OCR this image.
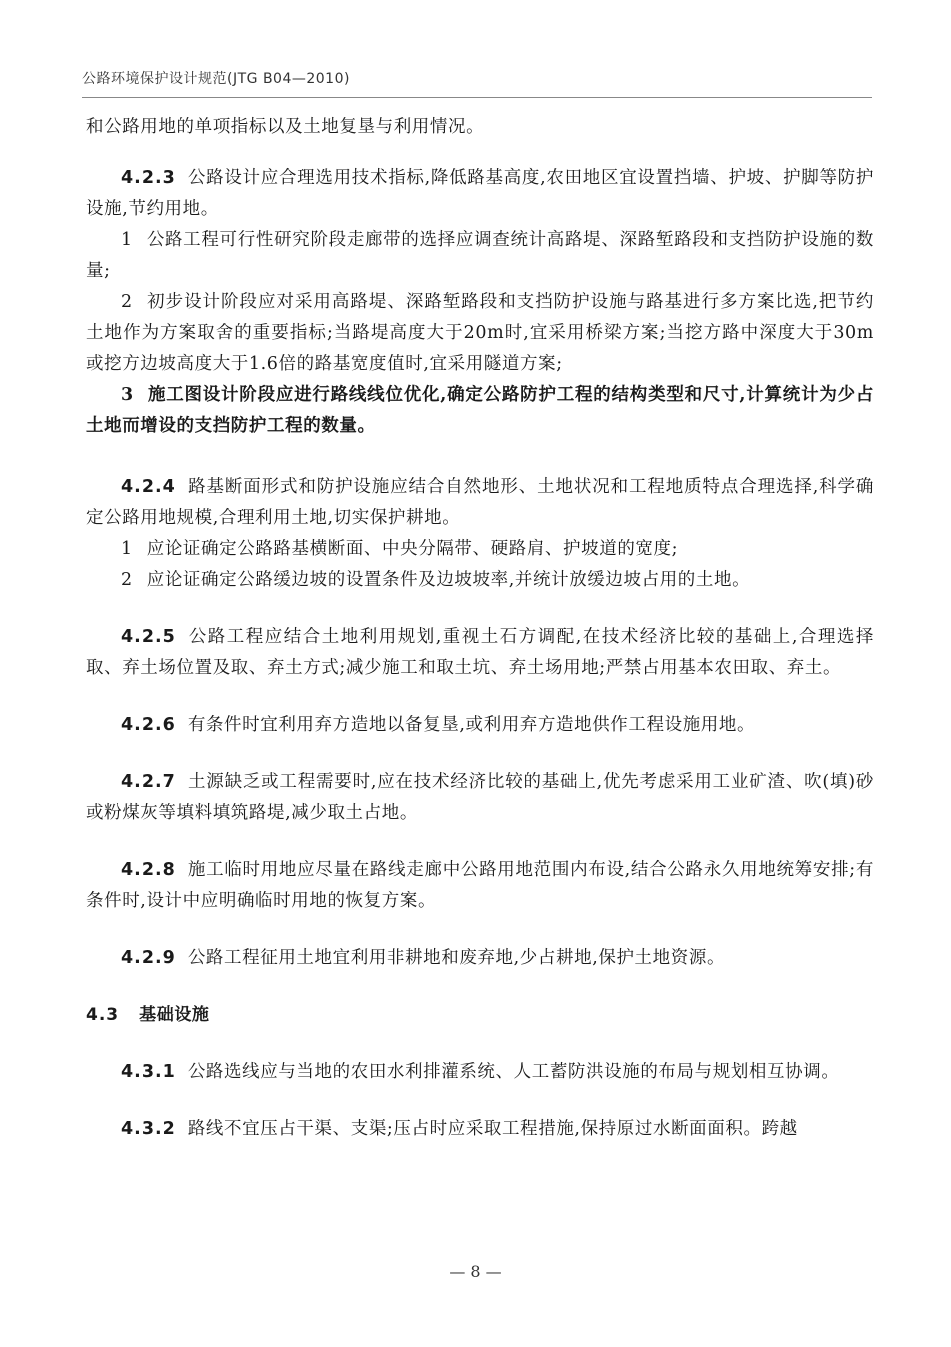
公路环境保护设计规范(JTG B04—2010)

和公路用地的单项指标以及土地复垦与利用情况。

4.2.3 公路设计应合理选用技术指标,降低路基高度,农田地区宜设置挡墙、护坡、护脚等防护设施,节约用地。

1 公路工程可行性研究阶段走廊带的选择应调查统计高路堤、深路堑路段和支挡防护设施的数量;

2 初步设计阶段应对采用高路堤、深路堑路段和支挡防护设施与路基进行多方案比选,把节约土地作为方案取舍的重要指标;当路堤高度大于20m时,宜采用桥梁方案;当挖方路中深度大于30m或挖方边坡高度大于1.6倍的路基宽度值时,宜采用隧道方案;

3 施工图设计阶段应进行路线线位优化,确定公路防护工程的结构类型和尺寸,计算统计为少占土地而增设的支挡防护工程的数量。

4.2.4 路基断面形式和防护设施应结合自然地形、土地状况和工程地质特点合理选择,科学确定公路用地规模,合理利用土地,切实保护耕地。

1 应论证确定公路路基横断面、中央分隔带、硬路肩、护坡道的宽度;

2 应论证确定公路缓边坡的设置条件及边坡坡率,并统计放缓边坡占用的土地。

4.2.5 公路工程应结合土地利用规划,重视土石方调配,在技术经济比较的基础上,合理选择取、弃土场位置及取、弃土方式;减少施工和取土坑、弃土场用地;严禁占用基本农田取、弃土。

4.2.6 有条件时宜利用弃方造地以备复垦,或利用弃方造地供作工程设施用地。

4.2.7 土源缺乏或工程需要时,应在技术经济比较的基础上,优先考虑采用工业矿渣、吹(填)砂或粉煤灰等填料填筑路堤,减少取土占地。

4.2.8 施工临时用地应尽量在路线走廊中公路用地范围内布设,结合公路永久用地统筹安排;有条件时,设计中应明确临时用地的恢复方案。

4.2.9 公路工程征用土地宜利用非耕地和废弃地,少占耕地,保护土地资源。

4.3 基础设施

4.3.1 公路选线应与当地的农田水利排灌系统、人工蓄防洪设施的布局与规划相互协调。

4.3.2 路线不宜压占干渠、支渠;压占时应采取工程措施,保持原过水断面面积。跨越

— 8 —
